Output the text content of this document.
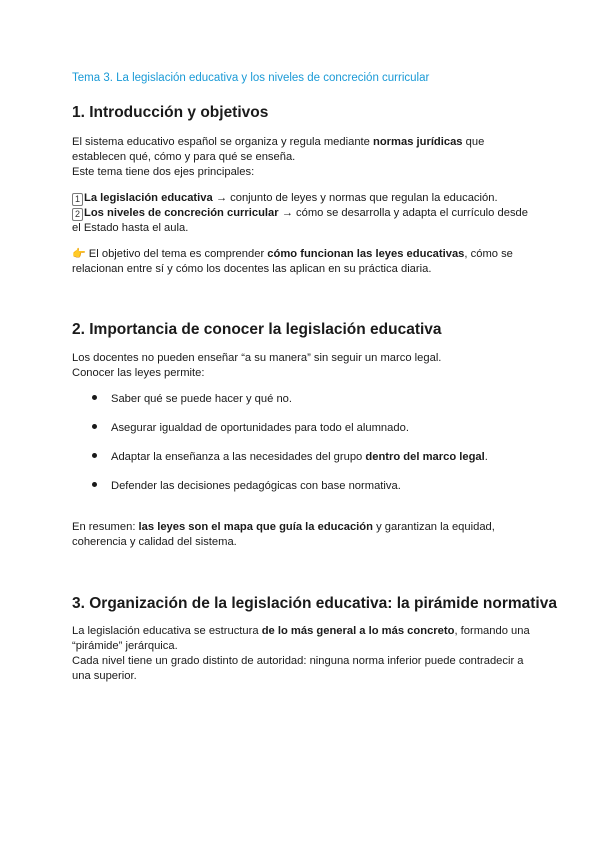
Tema 3. La legislación educativa y los niveles de concreción curricular
1. Introducción y objetivos

El sistema educativo español se organiza y regula mediante normas jurídicas que establecen qué, cómo y para qué se enseña.
Este tema tiene dos ejes principales:

1 La legislación educativa → conjunto de leyes y normas que regulan la educación.
2 Los niveles de concreción curricular → cómo se desarrolla y adapta el currículo desde el Estado hasta el aula.

👉 El objetivo del tema es comprender cómo funcionan las leyes educativas, cómo se relacionan entre sí y cómo los docentes las aplican en su práctica diaria.

2. Importancia de conocer la legislación educativa

Los docentes no pueden enseñar “a su manera” sin seguir un marco legal.
Conocer las leyes permite:

Saber qué se puede hacer y qué no.

Asegurar igualdad de oportunidades para todo el alumnado.

Adaptar la enseñanza a las necesidades del grupo dentro del marco legal.

Defender las decisiones pedagógicas con base normativa.

En resumen: las leyes son el mapa que guía la educación y garantizan la equidad, coherencia y calidad del sistema.

3. Organización de la legislación educativa: la pirámide normativa

La legislación educativa se estructura de lo más general a lo más concreto, formando una “pirámide” jerárquica.
Cada nivel tiene un grado distinto de autoridad: ninguna norma inferior puede contradecir a una superior.
